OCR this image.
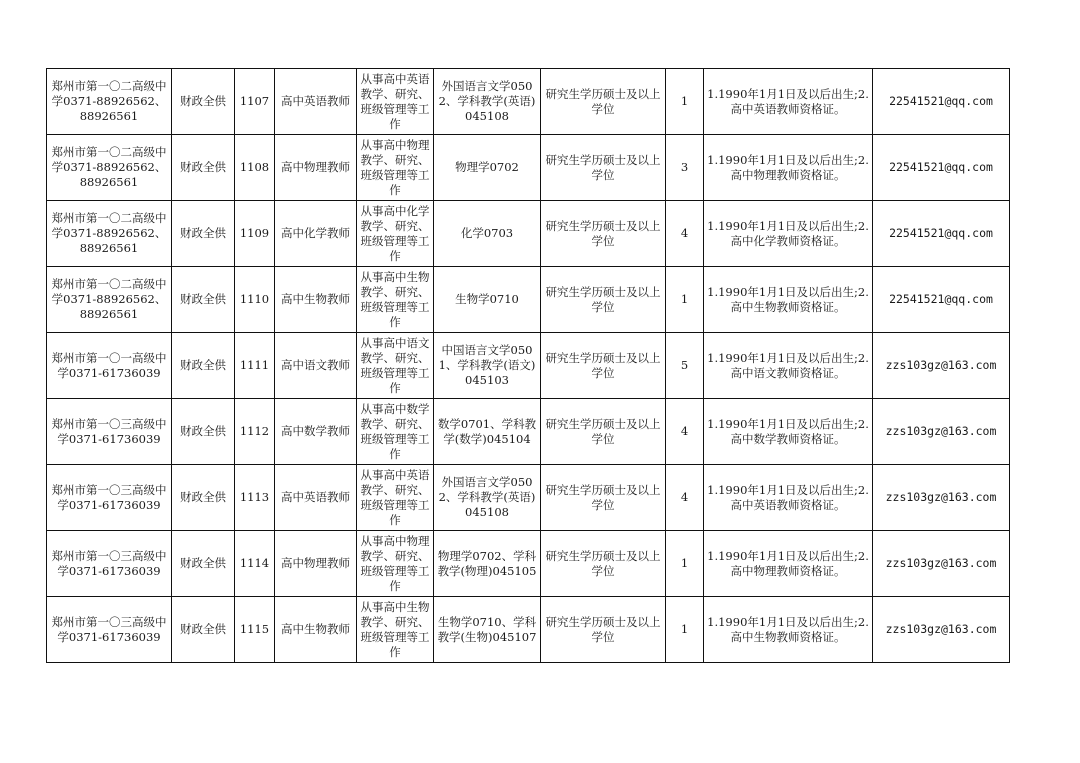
郑州市第一〇二高级中学0371-88926562、88926561	财政全供	1107	高中英语教师	从事高中英语教学、研究、班级管理等工作	外国语言文学0502、学科教学(英语)045108	研究生学历硕士及以上学位	1	1.1990年1月1日及以后出生;2.高中英语教师资格证。	22541521@qq.com
郑州市第一〇二高级中学0371-88926562、88926561	财政全供	1108	高中物理教师	从事高中物理教学、研究、班级管理等工作	物理学0702	研究生学历硕士及以上学位	3	1.1990年1月1日及以后出生;2.高中物理教师资格证。	22541521@qq.com
郑州市第一〇二高级中学0371-88926562、88926561	财政全供	1109	高中化学教师	从事高中化学教学、研究、班级管理等工作	化学0703	研究生学历硕士及以上学位	4	1.1990年1月1日及以后出生;2.高中化学教师资格证。	22541521@qq.com
郑州市第一〇二高级中学0371-88926562、88926561	财政全供	1110	高中生物教师	从事高中生物教学、研究、班级管理等工作	生物学0710	研究生学历硕士及以上学位	1	1.1990年1月1日及以后出生;2.高中生物教师资格证。	22541521@qq.com
郑州市第一〇一高级中学0371-61736039	财政全供	1111	高中语文教师	从事高中语文教学、研究、班级管理等工作	中国语言文学0501、学科教学(语文)045103	研究生学历硕士及以上学位	5	1.1990年1月1日及以后出生;2.高中语文教师资格证。	zzs103gz@163.com
郑州市第一〇三高级中学0371-61736039	财政全供	1112	高中数学教师	从事高中数学教学、研究、班级管理等工作	数学0701、学科教学(数学)045104	研究生学历硕士及以上学位	4	1.1990年1月1日及以后出生;2.高中数学教师资格证。	zzs103gz@163.com
郑州市第一〇三高级中学0371-61736039	财政全供	1113	高中英语教师	从事高中英语教学、研究、班级管理等工作	外国语言文学0502、学科教学(英语)045108	研究生学历硕士及以上学位	4	1.1990年1月1日及以后出生;2.高中英语教师资格证。	zzs103gz@163.com
郑州市第一〇三高级中学0371-61736039	财政全供	1114	高中物理教师	从事高中物理教学、研究、班级管理等工作	物理学0702、学科教学(物理)045105	研究生学历硕士及以上学位	1	1.1990年1月1日及以后出生;2.高中物理教师资格证。	zzs103gz@163.com
郑州市第一〇三高级中学0371-61736039	财政全供	1115	高中生物教师	从事高中生物教学、研究、班级管理等工作	生物学0710、学科教学(生物)045107	研究生学历硕士及以上学位	1	1.1990年1月1日及以后出生;2.高中生物教师资格证。	zzs103gz@163.com
